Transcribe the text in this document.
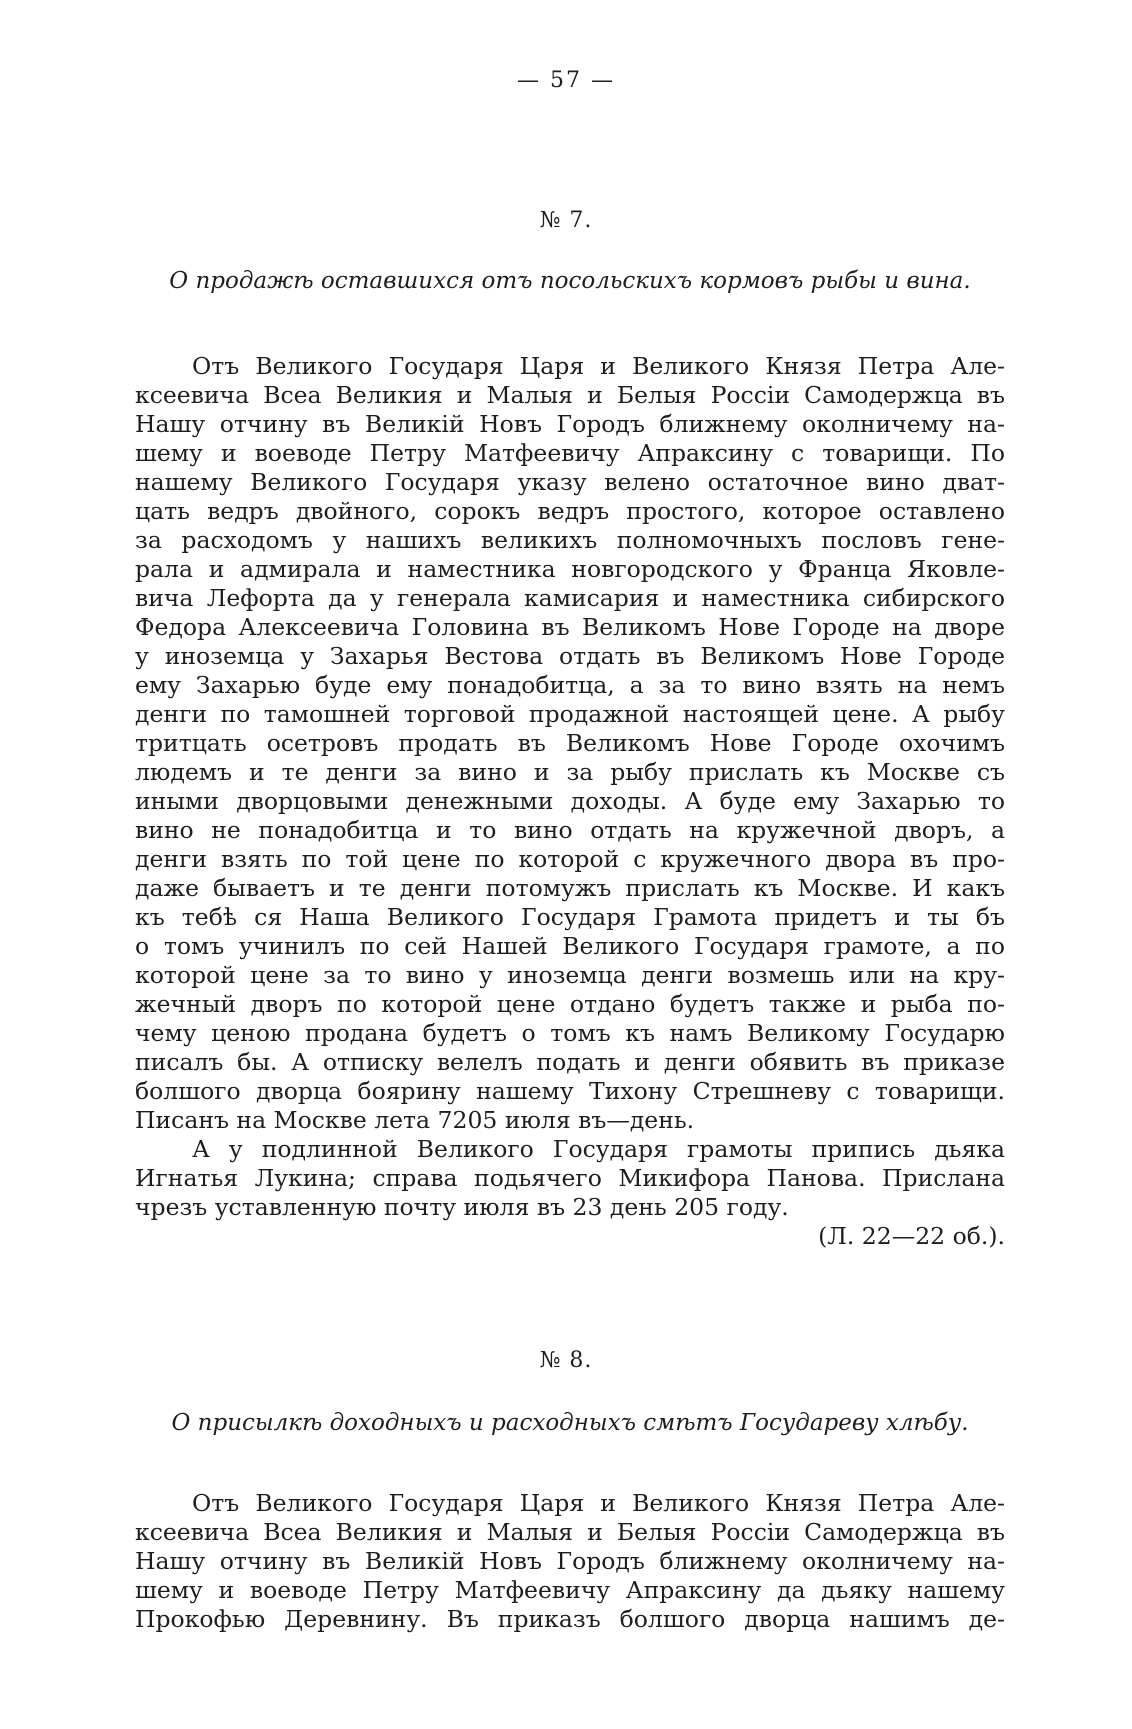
— 57 —
№ 7.
О продажѣ оставшихся отъ посольскихъ кормовъ рыбы и вина.
Отъ Великого Государя Царя и Великого Князя Петра Але-
ксеевича Всеа Великия и Малыя и Белыя Россіи Самодержца въ
Нашу отчину въ Великій Новъ Городъ ближнему околничему на-
шему и воеводе Петру Матфеевичу Апраксину с товарищи. По
нашему Великого Государя указу велено остаточное вино дват-
цать ведръ двойного, сорокъ ведръ простого, которое оставлено
за расходомъ у нашихъ великихъ полномочныхъ пословъ гене-
рала и адмирала и наместника новгородского у Франца Яковле-
вича Лефорта да у генерала камисария и наместника сибирского
Федора Алексеевича Головина въ Великомъ Нове Городе на дворе
у иноземца у Захарья Вестова отдать въ Великомъ Нове Городе
ему Захарью буде ему понадобитца, а за то вино взять на немъ
денги по тамошней торговой продажной настоящей цене. А рыбу
тритцать осетровъ продать въ Великомъ Нове Городе охочимъ
людемъ и те денги за вино и за рыбу прислать къ Москве съ
иными дворцовыми денежными доходы. А буде ему Захарью то
вино не понадобитца и то вино отдать на кружечной дворъ, а
денги взять по той цене по которой с кружечного двора въ про-
даже бываетъ и те денги потомужъ прислать къ Москве. И какъ
къ тебѣ ся Наша Великого Государя Грамота придетъ и ты бъ
о томъ учинилъ по сей Нашей Великого Государя грамоте, а по
которой цене за то вино у иноземца денги возмешь или на кру-
жечный дворъ по которой цене отдано будетъ также и рыба по-
чему ценою продана будетъ о томъ къ намъ Великому Государю
писалъ бы. А отписку велелъ подать и денги обявить въ приказе
болшого дворца боярину нашему Тихону Стрешневу с товарищи.
Писанъ на Москве лета 7205 июля въ—день.
А у подлинной Великого Государя грамоты припись дьяка
Игнатья Лукина; справа подьячего Микифора Панова. Прислана
чрезъ уставленную почту июля въ 23 день 205 году.
(Л. 22—22 об.).
№ 8.
О присылкѣ доходныхъ и расходныхъ смѣтъ Государеву хлѣбу.
Отъ Великого Государя Царя и Великого Князя Петра Але-
ксеевича Всеа Великия и Малыя и Белыя Россіи Самодержца въ
Нашу отчину въ Великій Новъ Городъ ближнему околничему на-
шему и воеводе Петру Матфеевичу Апраксину да дьяку нашему
Прокофью Деревнину. Въ приказъ болшого дворца нашимъ де-
